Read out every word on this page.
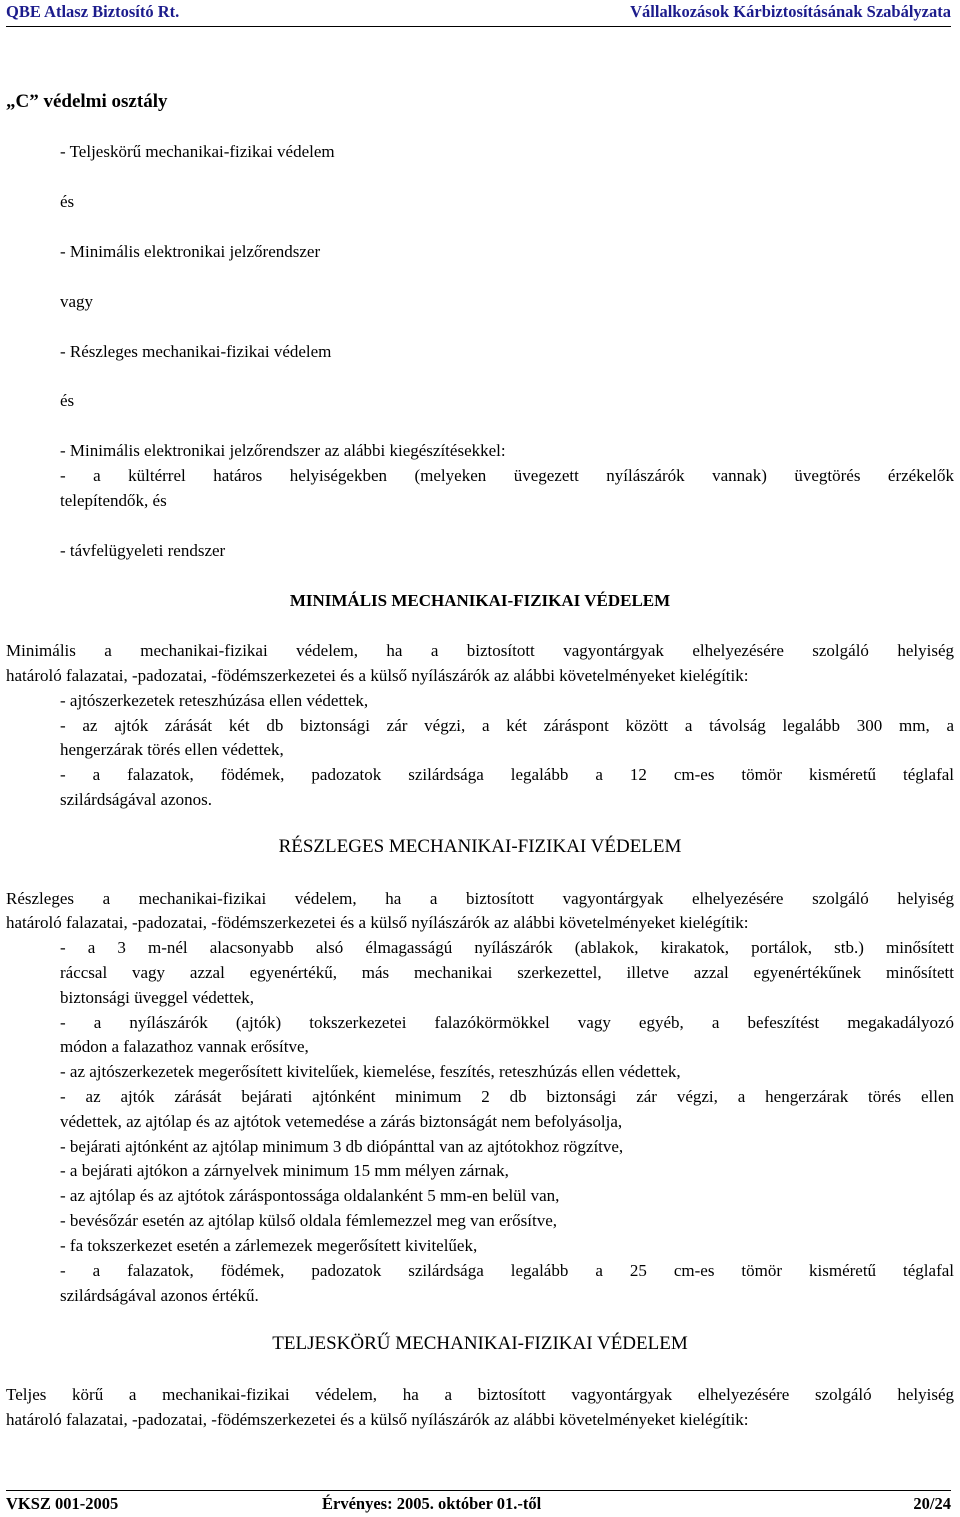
QBE Atlasz Biztosító Rt.	Vállalkozások Kárbiztosításának Szabályzata
„C” védelmi osztály
- Teljeskörű mechanikai-fizikai védelem
és
- Minimális elektronikai jelzőrendszer
vagy
- Részleges mechanikai-fizikai védelem
és
- Minimális elektronikai jelzőrendszer az alábbi kiegészítésekkel:
- a kültérrel határos helyiségekben (melyeken üvegezett nyílászárók vannak) üvegtörés érzékelők
telepítendők, és
- távfelügyeleti rendszer
MINIMÁLIS MECHANIKAI-FIZIKAI VÉDELEM
Minimális a mechanikai-fizikai védelem, ha a biztosított vagyontárgyak elhelyezésére szolgáló helyiség
határoló falazatai, -padozatai, -födémszerkezetei és a külső nyílászárók az alábbi követelményeket kielégítik:
- ajtószerkezetek reteszhúzása ellen védettek,
- az ajtók zárását két db biztonsági zár végzi, a két záráspont között a távolság legalább 300 mm, a
hengerzárak törés ellen védettek,
- a falazatok, födémek, padozatok szilárdsága legalább a 12 cm-es tömör kisméretű téglafal
szilárdságával azonos.
RÉSZLEGES MECHANIKAI-FIZIKAI VÉDELEM
Részleges a mechanikai-fizikai védelem, ha a biztosított vagyontárgyak elhelyezésére szolgáló helyiség
határoló falazatai, -padozatai, -födémszerkezetei és a külső nyílászárók az alábbi követelményeket kielégítik:
- a 3 m-nél alacsonyabb alsó élmagasságú nyílászárók (ablakok, kirakatok, portálok, stb.) minősített
ráccsal vagy azzal egyenértékű, más mechanikai szerkezettel, illetve azzal egyenértékűnek minősített
biztonsági üveggel védettek,
- a nyílászárók (ajtók) tokszerkezetei falazókörmökkel vagy egyéb, a befeszítést megakadályozó
módon a falazathoz vannak erősítve,
- az ajtószerkezetek megerősített kivitelűek, kiemelése, feszítés, reteszhúzás ellen védettek,
- az ajtók zárását bejárati ajtónként minimum 2 db biztonsági zár végzi, a hengerzárak törés ellen
védettek, az ajtólap és az ajtótok vetemedése a zárás biztonságát nem befolyásolja,
- bejárati ajtónként az ajtólap minimum 3 db diópánttal van az ajtótokhoz rögzítve,
- a bejárati ajtókon a zárnyelvek minimum 15 mm mélyen zárnak,
- az ajtólap és az ajtótok záráspontossága oldalanként 5 mm-en belül van,
- bevésőzár esetén az ajtólap külső oldala fémlemezzel meg van erősítve,
- fa tokszerkezet esetén a zárlemezek megerősített kivitelűek,
- a falazatok, födémek, padozatok szilárdsága legalább a 25 cm-es tömör kisméretű téglafal
szilárdságával azonos értékű.
TELJESKÖRŰ MECHANIKAI-FIZIKAI VÉDELEM
Teljes körű a mechanikai-fizikai védelem, ha a biztosított vagyontárgyak elhelyezésére szolgáló helyiség
határoló falazatai, -padozatai, -födémszerkezetei és a külső nyílászárók az alábbi követelményeket kielégítik:
VKSZ 001-2005	Érvényes: 2005. október 01.-től	20/24
